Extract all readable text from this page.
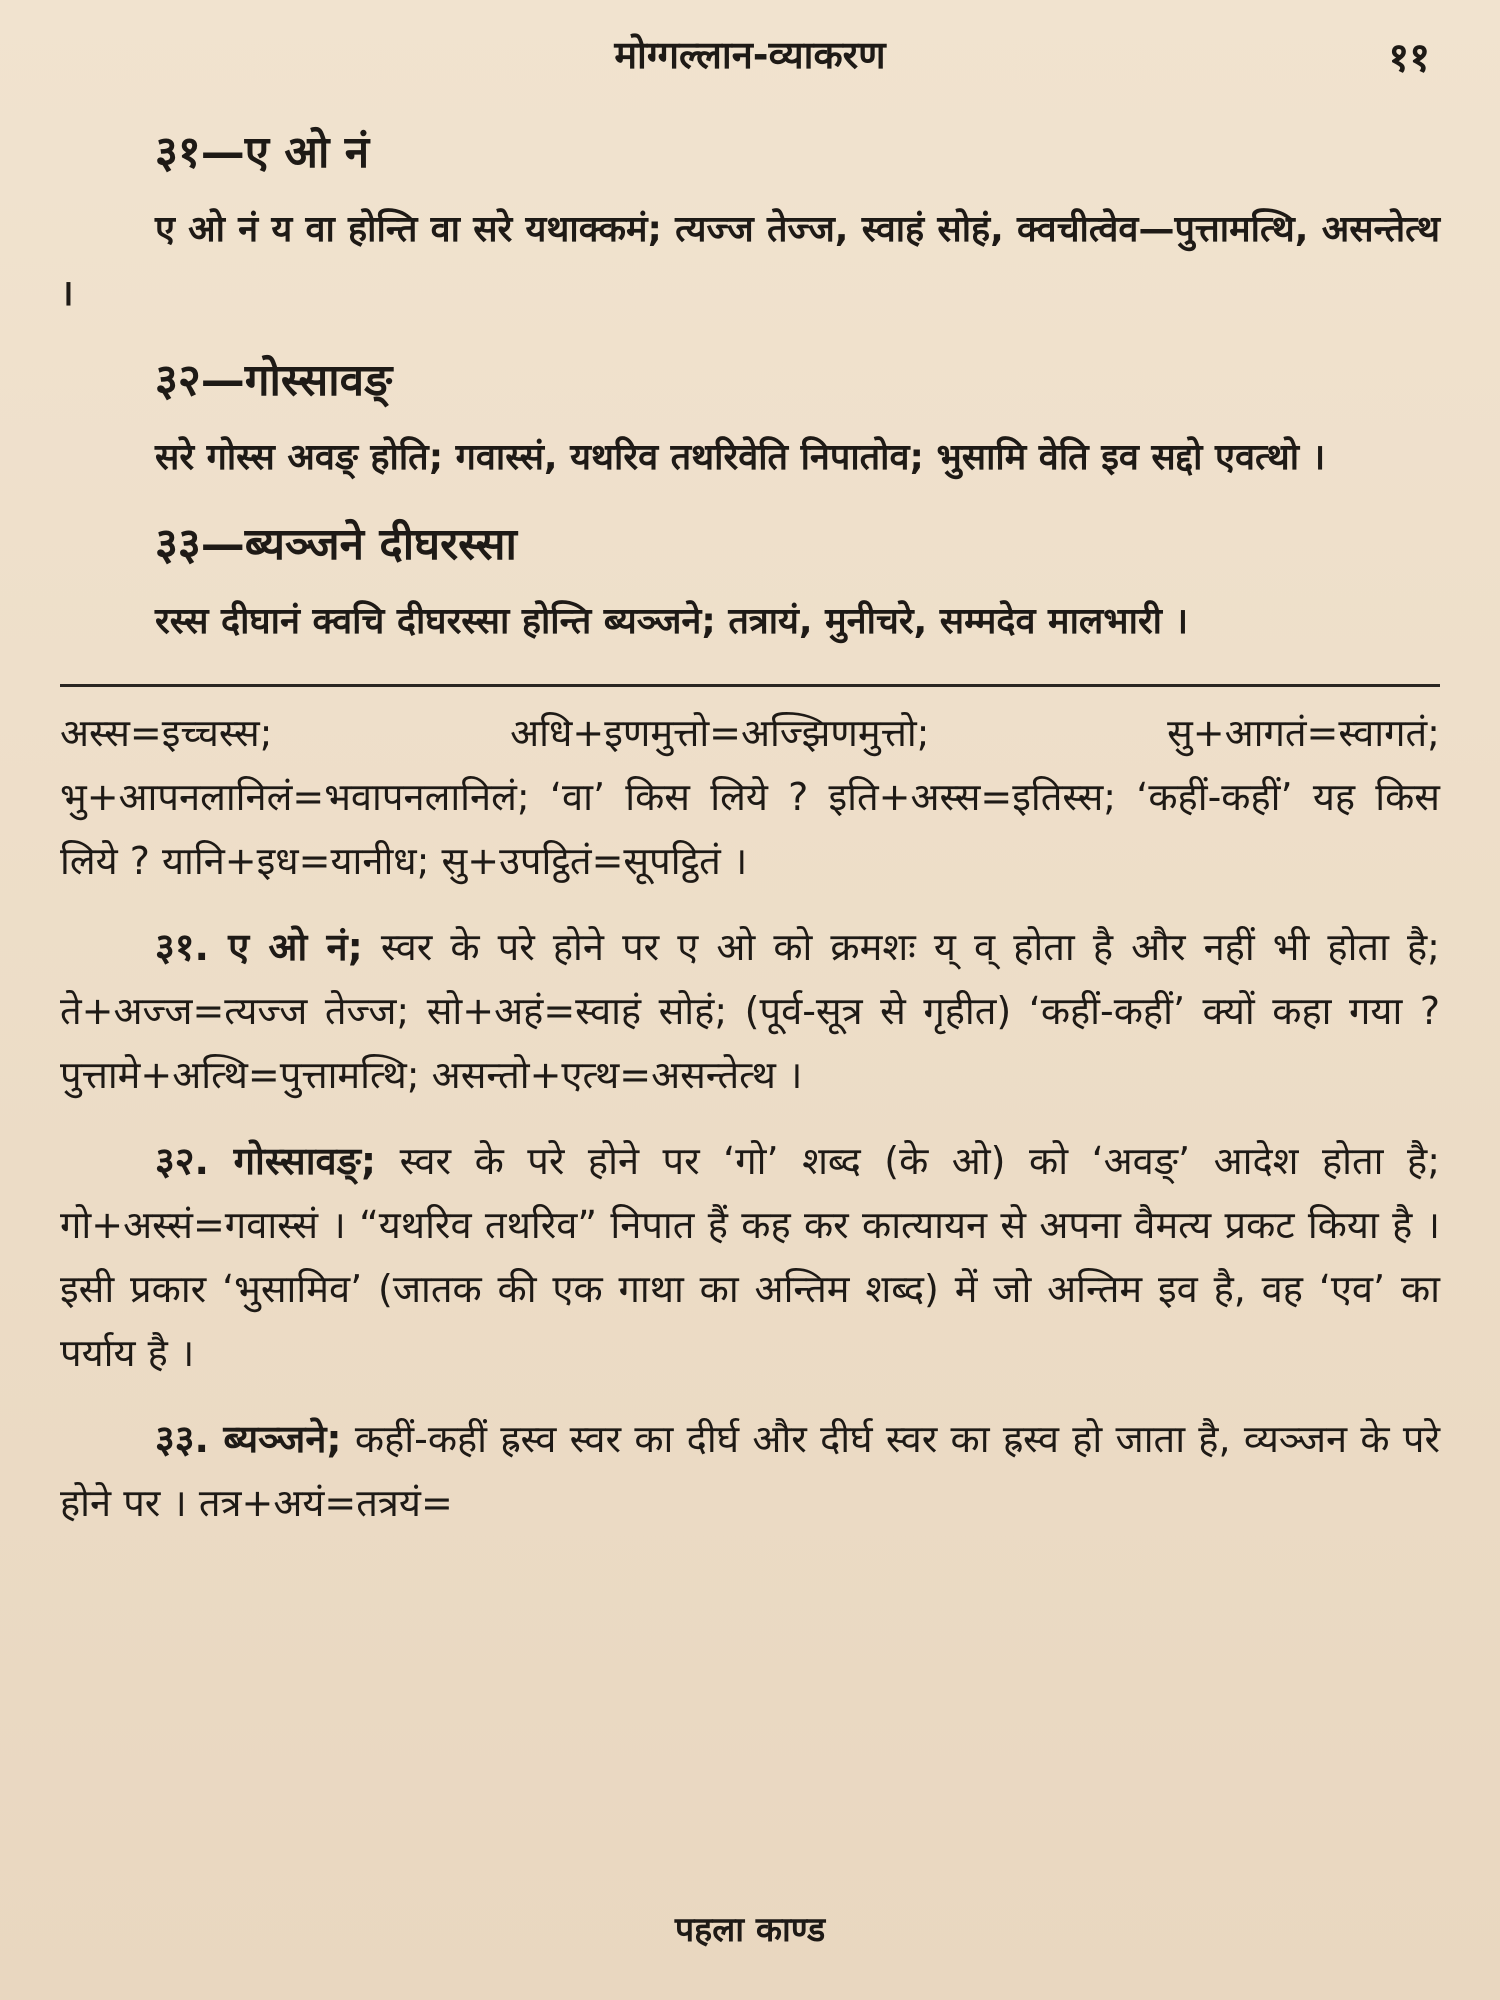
मोग्गल्लान-व्याकरण	११
३१—ए ओ नं

ए ओ नं य वा होन्ति वा सरे यथाक्कमं; त्यज्ज तेज्ज, स्वाहं सोहं, क्वचीत्वेव—पुत्तामत्थि, असन्तेत्थ ।

३२—गोस्सावङ्

सरे गोस्स अवङ् होति; गवास्सं, यथरिव तथरिवेति निपातोव; भुसामि वेति इव सद्दो एवत्थो ।

३३—ब्यञ्जने दीघरस्सा

रस्स दीघानं क्वचि दीघरस्सा होन्ति ब्यञ्जने; तत्रायं, मुनीचरे, सम्मदेव मालभारी ।

अस्स=इच्चस्स; अधि+इणमुत्तो=अज्झिणमुत्तो; सु+आगतं=स्वागतं; भु+आपनलानिलं=भवापनलानिलं; ‘वा’ किस लिये ? इति+अस्स=इतिस्स; ‘कहीं-कहीं’ यह किस लिये ? यानि+इध=यानीध; सु+उपट्ठितं=सूपट्ठितं ।

३१. ए ओ नं; स्वर के परे होने पर ए ओ को क्रमशः य् व् होता है और नहीं भी होता है; ते+अज्ज=त्यज्ज तेज्ज; सो+अहं=स्वाहं सोहं; (पूर्व-सूत्र से गृहीत) ‘कहीं-कहीं’ क्यों कहा गया ? पुत्तामे+अत्थि=पुत्तामत्थि; असन्तो+एत्थ=असन्तेत्थ ।

३२. गोस्सावङ्; स्वर के परे होने पर ‘गो’ शब्द (के ओ) को ‘अवङ्’ आदेश होता है; गो+अस्सं=गवास्सं । “यथरिव तथरिव” निपात हैं कह कर कात्यायन से अपना वैमत्य प्रकट किया है । इसी प्रकार ‘भुसामिव’ (जातक की एक गाथा का अन्तिम शब्द) में जो अन्तिम इव है, वह ‘एव’ का पर्याय है ।

३३. ब्यञ्जने; कहीं-कहीं ह्रस्व स्वर का दीर्घ और दीर्घ स्वर का ह्रस्व हो जाता है, व्यञ्जन के परे होने पर । तत्र+अयं=तत्रयं=

पहला काण्ड
